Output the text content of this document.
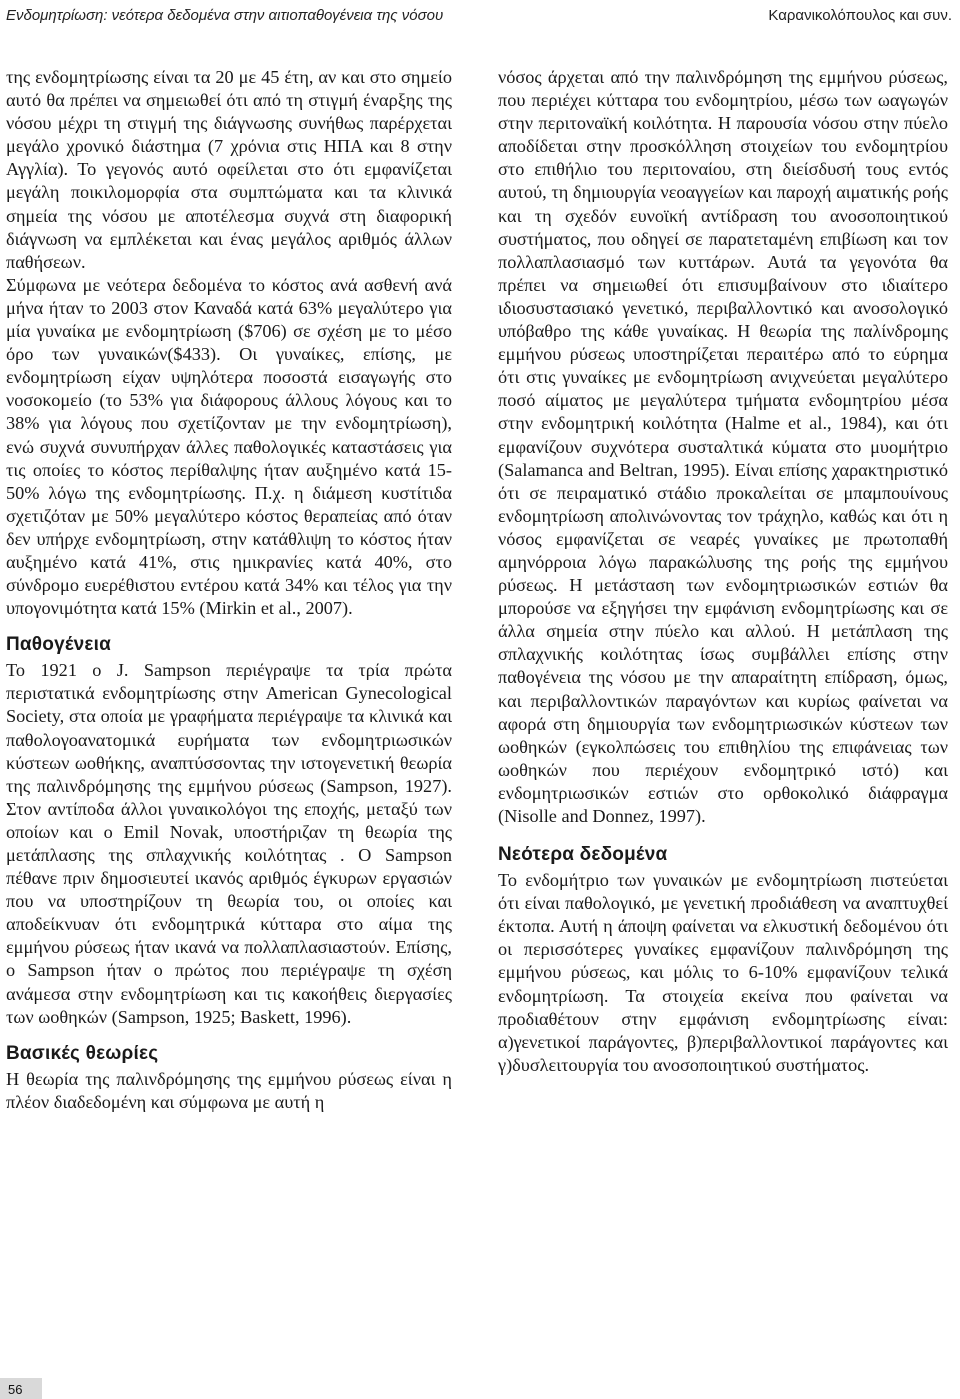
Ενδομητρίωση: νεότερα δεδομένα στην αιτιοπαθογένεια της νόσου	Καρανικολόπουλος και συν.

της ενδομητρίωσης είναι τα 20 με 45 έτη, αν και στο σημείο αυτό θα πρέπει να σημειωθεί ότι από τη στιγμή έναρξης της νόσου μέχρι τη στιγμή της διάγνωσης συνήθως παρέρχεται μεγάλο χρονικό διάστημα (7 χρόνια στις ΗΠΑ και 8 στην Αγγλία). Το γεγονός αυτό οφείλεται στο ότι εμφανίζεται μεγάλη ποικιλομορφία στα συμπτώματα και τα κλινικά σημεία της νόσου με αποτέλεσμα συχνά στη διαφορική διάγνωση να εμπλέκεται και ένας μεγάλος αριθμός άλλων παθήσεων.

Σύμφωνα με νεότερα δεδομένα το κόστος ανά ασθενή ανά μήνα ήταν το 2003 στον Καναδά κατά 63% μεγαλύτερο για μία γυναίκα με ενδομητρίωση ($706) σε σχέση με το μέσο όρο των γυναικών($433). Οι γυναίκες, επίσης, με ενδομητρίωση είχαν υψηλότερα ποσοστά εισαγωγής στο νοσοκομείο (το 53% για διάφορους άλλους λόγους και το 38% για λόγους που σχετίζονταν με την ενδομητρίωση), ενώ συχνά συνυπήρχαν άλλες παθολογικές καταστάσεις για τις οποίες το κόστος περίθαλψης ήταν αυξημένο κατά 15-50% λόγω της ενδομητρίωσης. Π.χ. η διάμεση κυστίτιδα σχετιζόταν με 50% μεγαλύτερο κόστος θεραπείας από όταν δεν υπήρχε ενδομητρίωση, στην κατάθλιψη το κόστος ήταν αυξημένο κατά 41%, στις ημικρανίες κατά 40%, στο σύνδρομο ευερέθιστου εντέρου κατά 34% και τέλος για την υπογονιμότητα κατά 15% (Mirkin et al., 2007).

Παθογένεια

Το 1921 ο J. Sampson περιέγραψε τα τρία πρώτα περιστατικά ενδομητρίωσης στην American Gynecological Society, στα οποία με γραφήματα περιέγραψε τα κλινικά και παθολογοανατομικά ευρήματα των ενδομητριωσικών κύστεων ωοθήκης, αναπτύσσοντας την ιστογενετική θεωρία της παλινδρόμησης της εμμήνου ρύσεως (Sampson, 1927). Στον αντίποδα άλλοι γυναικολόγοι της εποχής, μεταξύ των οποίων και ο Emil Novak, υποστήριζαν τη θεωρία της μετάπλασης της σπλαχνικής κοιλότητας . Ο Sampson πέθανε πριν δημοσιευτεί ικανός αριθμός έγκυρων εργασιών που να υποστηρίζουν τη θεωρία του, οι οποίες και αποδείκνυαν ότι ενδομητρικά κύτταρα στο αίμα της εμμήνου ρύσεως ήταν ικανά να πολλαπλασιαστούν. Επίσης, ο Sampson ήταν ο πρώτος που περιέγραψε τη σχέση ανάμεσα στην ενδομητρίωση και τις κακοήθεις διεργασίες των ωοθηκών (Sampson, 1925; Baskett, 1996).

Βασικές θεωρίες

Η θεωρία της παλινδρόμησης της εμμήνου ρύσεως είναι η πλέον διαδεδομένη και σύμφωνα με αυτή η

νόσος άρχεται από την παλινδρόμηση της εμμήνου ρύσεως, που περιέχει κύτταρα του ενδομητρίου, μέσω των ωαγωγών στην περιτοναϊκή κοιλότητα. Η παρουσία νόσου στην πύελο αποδίδεται στην προσκόλληση στοιχείων του ενδομητρίου στο επιθήλιο του περιτοναίου, στη διείσδυσή τους εντός αυτού, τη δημιουργία νεοαγγείων και παροχή αιματικής ροής και τη σχεδόν ευνοϊκή αντίδραση του ανοσοποιητικού συστήματος, που οδηγεί σε παρατεταμένη επιβίωση και τον πολλαπλασιασμό των κυττάρων. Αυτά τα γεγονότα θα πρέπει να σημειωθεί ότι επισυμβαίνουν στο ιδιαίτερο ιδιοσυστασιακό γενετικό, περιβαλλοντικό και ανοσολογικό υπόβαθρο της κάθε γυναίκας. Η θεωρία της παλίνδρομης εμμήνου ρύσεως υποστηρίζεται περαιτέρω από το εύρημα ότι στις γυναίκες με ενδομητρίωση ανιχνεύεται μεγαλύτερο ποσό αίματος με μεγαλύτερα τμήματα ενδομητρίου μέσα στην ενδομητρική κοιλότητα (Halme et al., 1984), και ότι εμφανίζουν συχνότερα συσταλτικά κύματα στο μυομήτριο (Salamanca and Beltran, 1995). Είναι επίσης χαρακτηριστικό ότι σε πειραματικό στάδιο προκαλείται σε μπαμπουίνους ενδομητρίωση απολινώνοντας τον τράχηλο, καθώς και ότι η νόσος εμφανίζεται σε νεαρές γυναίκες με πρωτοπαθή αμηνόρροια λόγω παρακώλυσης της ροής της εμμήνου ρύσεως. Η μετάσταση των ενδομητριωσικών εστιών θα μπορούσε να εξηγήσει την εμφάνιση ενδομητρίωσης και σε άλλα σημεία στην πύελο και αλλού. Η μετάπλαση της σπλαχνικής κοιλότητας ίσως συμβάλλει επίσης στην παθογένεια της νόσου με την απαραίτητη επίδραση, όμως, και περιβαλλοντικών παραγόντων και κυρίως φαίνεται να αφορά στη δημιουργία των ενδομητριωσικών κύστεων των ωοθηκών (εγκολπώσεις του επιθηλίου της επιφάνειας των ωοθηκών που περιέχουν ενδομητρικό ιστό) και ενδομητριωσικών εστιών στο ορθοκολικό διάφραγμα (Nisolle and Donnez, 1997).

Νεότερα δεδομένα

Το ενδομήτριο των γυναικών με ενδομητρίωση πιστεύεται ότι είναι παθολογικό, με γενετική προδιάθεση να αναπτυχθεί έκτοπα. Αυτή η άποψη φαίνεται να ελκυστική δεδομένου ότι οι περισσότερες γυναίκες εμφανίζουν παλινδρόμηση της εμμήνου ρύσεως, και μόλις το 6-10% εμφανίζουν τελικά ενδομητρίωση. Τα στοιχεία εκείνα που φαίνεται να προδιαθέτουν στην εμφάνιση ενδομητρίωσης είναι: α)γενετικοί παράγοντες, β)περιβαλλοντικοί παράγοντες και γ)δυσλειτουργία του ανοσοποιητικού συστήματος.

56
